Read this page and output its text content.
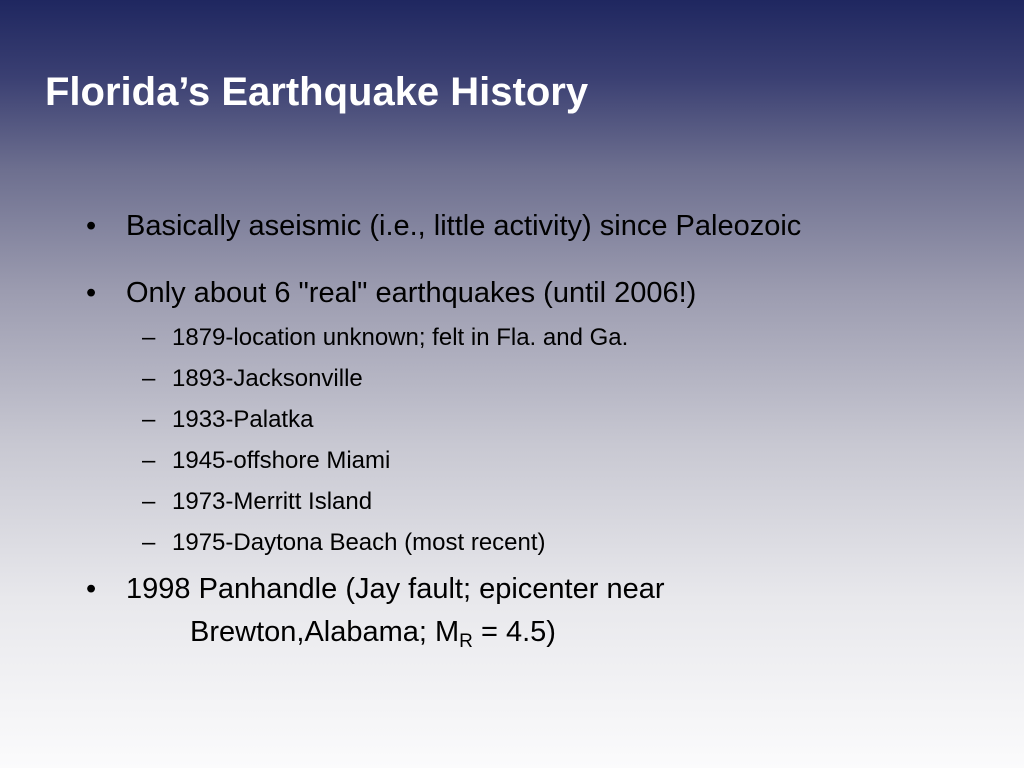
Florida’s Earthquake History
• Basically aseismic (i.e., little activity) since Paleozoic
• Only about 6 "real" earthquakes (until 2006!)
– 1879-location unknown; felt in Fla. and Ga.
– 1893-Jacksonville
– 1933-Palatka
– 1945-offshore Miami
– 1973-Merritt Island
– 1975-Daytona Beach (most recent)
• 1998 Panhandle (Jay fault; epicenter near
Brewton,Alabama; $M_R = 4.5$)
